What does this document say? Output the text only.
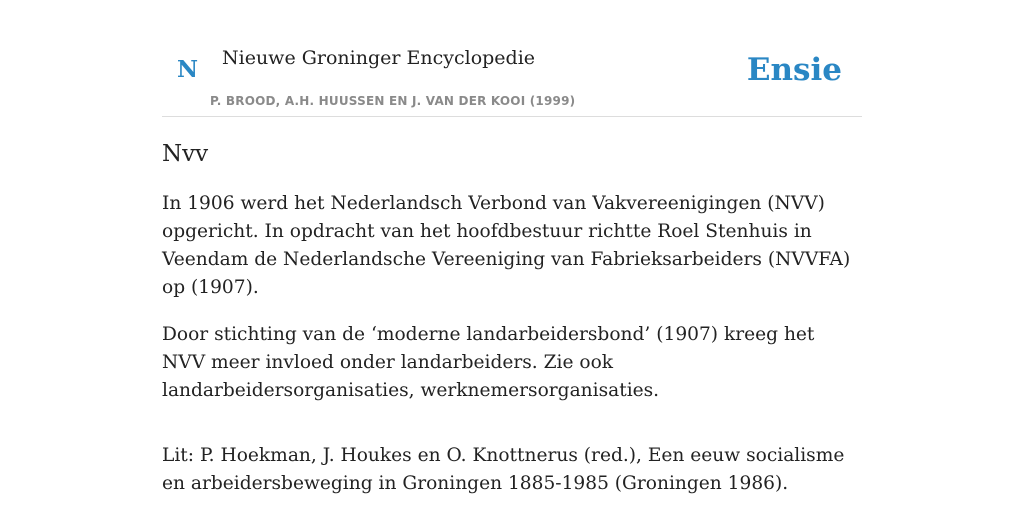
N Nieuwe Groninger Encyclopedie
P. BROOD, A.H. HUUSSEN EN J. VAN DER KOOI (1999)
Ensie
Nvv

In 1906 werd het Nederlandsch Verbond van Vakvereenigingen (NVV) opgericht. In opdracht van het hoofdbestuur richtte Roel Stenhuis in Veendam de Nederlandsche Vereeniging van Fabrieksarbeiders (NVVFA) op (1907).

Door stichting van de ‘moderne landarbeidersbond’ (1907) kreeg het NVV meer invloed onder landarbeiders. Zie ook landarbeidersorganisaties, werknemersorganisaties.

Lit: P. Hoekman, J. Houkes en O. Knottnerus (red.), Een eeuw socialisme en arbeidersbeweging in Groningen 1885-1985 (Groningen 1986).
